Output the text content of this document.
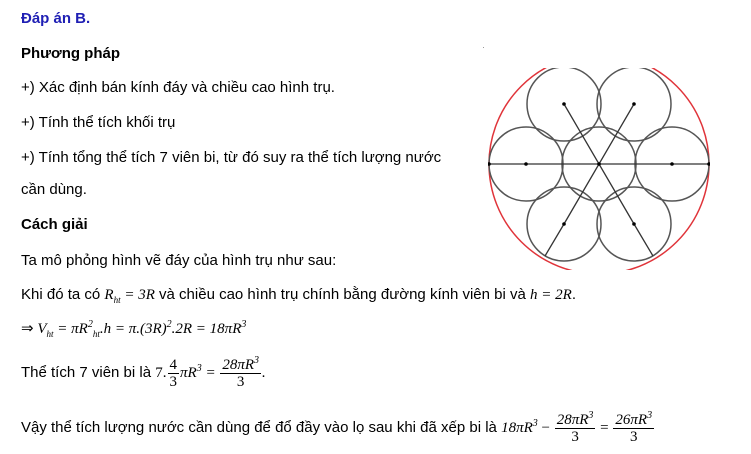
Đáp án B.
Phương pháp
+) Xác định bán kính đáy và chiều cao hình trụ.
+) Tính thể tích khối trụ
+) Tính tổng thể tích 7 viên bi, từ đó suy ra thể tích lượng nước
cần dùng.
Cách giải
Ta mô phỏng hình vẽ đáy của hình trụ như sau:
Khi đó ta có $R_{ht} = 3R$ và chiều cao hình trụ chính bằng đường kính viên bi và h = 2R.
⇒ $V_{ht} = \pi R^2_{ht}.h = \pi.(3R)^2.2R = 18\pi R^3$
Thể tích 7 viên bi là 7. $\frac{4}{3} \pi R^3 = \frac{28\pi R^3}{3}$ .
Vậy thể tích lượng nước cần dùng để đổ đầy vào lọ sau khi đã xếp bi là $18\pi R^3 - \frac{28\pi R^3}{3} = \frac{26\pi R^3}{3}$
